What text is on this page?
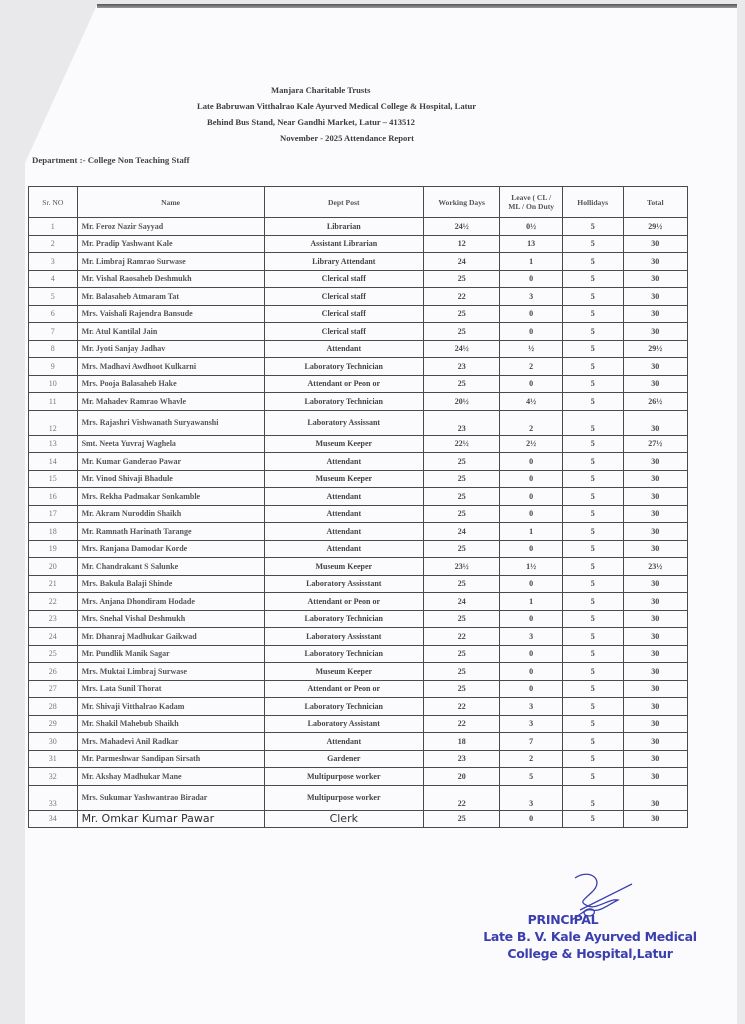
Manjara Charitable Trusts
Late Babruwan Vitthalrao Kale Ayurved Medical College & Hospital, Latur
Behind Bus Stand, Near Gandhi Market, Latur – 413512
November - 2025 Attendance Report
Department :- College Non Teaching Staff
Sr. NO	Name	Dept Post	Working Days	Leave ( CL / ML / On Duty	Hollidays	Total
1	Mr. Feroz Nazir Sayyad	Librarian	24½	0½	5	29½
2	Mr. Pradip Yashwant Kale	Assistant Librarian	12	13	5	30
3	Mr. Limbraj Ramrao Surwase	Library Attendant	24	1	5	30
4	Mr. Vishal Raosaheb Deshmukh	Clerical staff	25	0	5	30
5	Mr. Balasaheb Atmaram Tat	Clerical staff	22	3	5	30
6	Mrs. Vaishali Rajendra Bansude	Clerical staff	25	0	5	30
7	Mr. Atul Kantilal Jain	Clerical staff	25	0	5	30
8	Mr. Jyoti Sanjay Jadhav	Attendant	24½	½	5	29½
9	Mrs. Madhavi Awdhoot Kulkarni	Laboratory Technician	23	2	5	30
10	Mrs. Pooja Balasaheb Hake	Attendant or Peon or	25	0	5	30
11	Mr. Mahadev Ramrao Whavle	Laboratory Technician	20½	4½	5	26½
12	Mrs. Rajashri Vishwanath Suryawanshi	Laboratory Assissant	23	2	5	30
13	Smt. Neeta Yuvraj Waghela	Museum Keeper	22½	2½	5	27½
14	Mr. Kumar Ganderao Pawar	Attendant	25	0	5	30
15	Mr. Vinod Shivaji Bhadule	Museum Keeper	25	0	5	30
16	Mrs. Rekha Padmakar Sonkamble	Attendant	25	0	5	30
17	Mr. Akram Nuroddin Shaikh	Attendant	25	0	5	30
18	Mr. Ramnath Harinath Tarange	Attendant	24	1	5	30
19	Mrs. Ranjana Damodar Korde	Attendant	25	0	5	30
20	Mr. Chandrakant S Salunke	Museum Keeper	23½	1½	5	23½
21	Mrs. Bakula Balaji Shinde	Laboratory Assisstant	25	0	5	30
22	Mrs. Anjana Dhondiram Hodade	Attendant or Peon or	24	1	5	30
23	Mrs. Snehal Vishal Deshmukh	Laboratory Technician	25	0	5	30
24	Mr. Dhanraj Madhukar Gaikwad	Laboratory Assisstant	22	3	5	30
25	Mr. Pundlik Manik Sagar	Laboratory Technician	25	0	5	30
26	Mrs. Muktai Limbraj Surwase	Museum Keeper	25	0	5	30
27	Mrs. Lata Sunil Thorat	Attendant or Peon or	25	0	5	30
28	Mr. Shivaji Vitthalrao Kadam	Laboratory Technician	22	3	5	30
29	Mr. Shakil Mahebub Shaikh	Laboratory Assistant	22	3	5	30
30	Mrs. Mahadevi Anil Radkar	Attendant	18	7	5	30
31	Mr. Parmeshwar Sandipan Sirsath	Gardener	23	2	5	30
32	Mr. Akshay Madhukar Mane	Multipurpose worker	20	5	5	30
33	Mrs. Sukumar Yashwantrao Biradar	Multipurpose worker	22	3	5	30
34	Mr. Omkar Kumar Pawar	Clerk	25	0	5	30
PRINCIPAL
Late B. V. Kale Ayurved Medical
College & Hospital,Latur
